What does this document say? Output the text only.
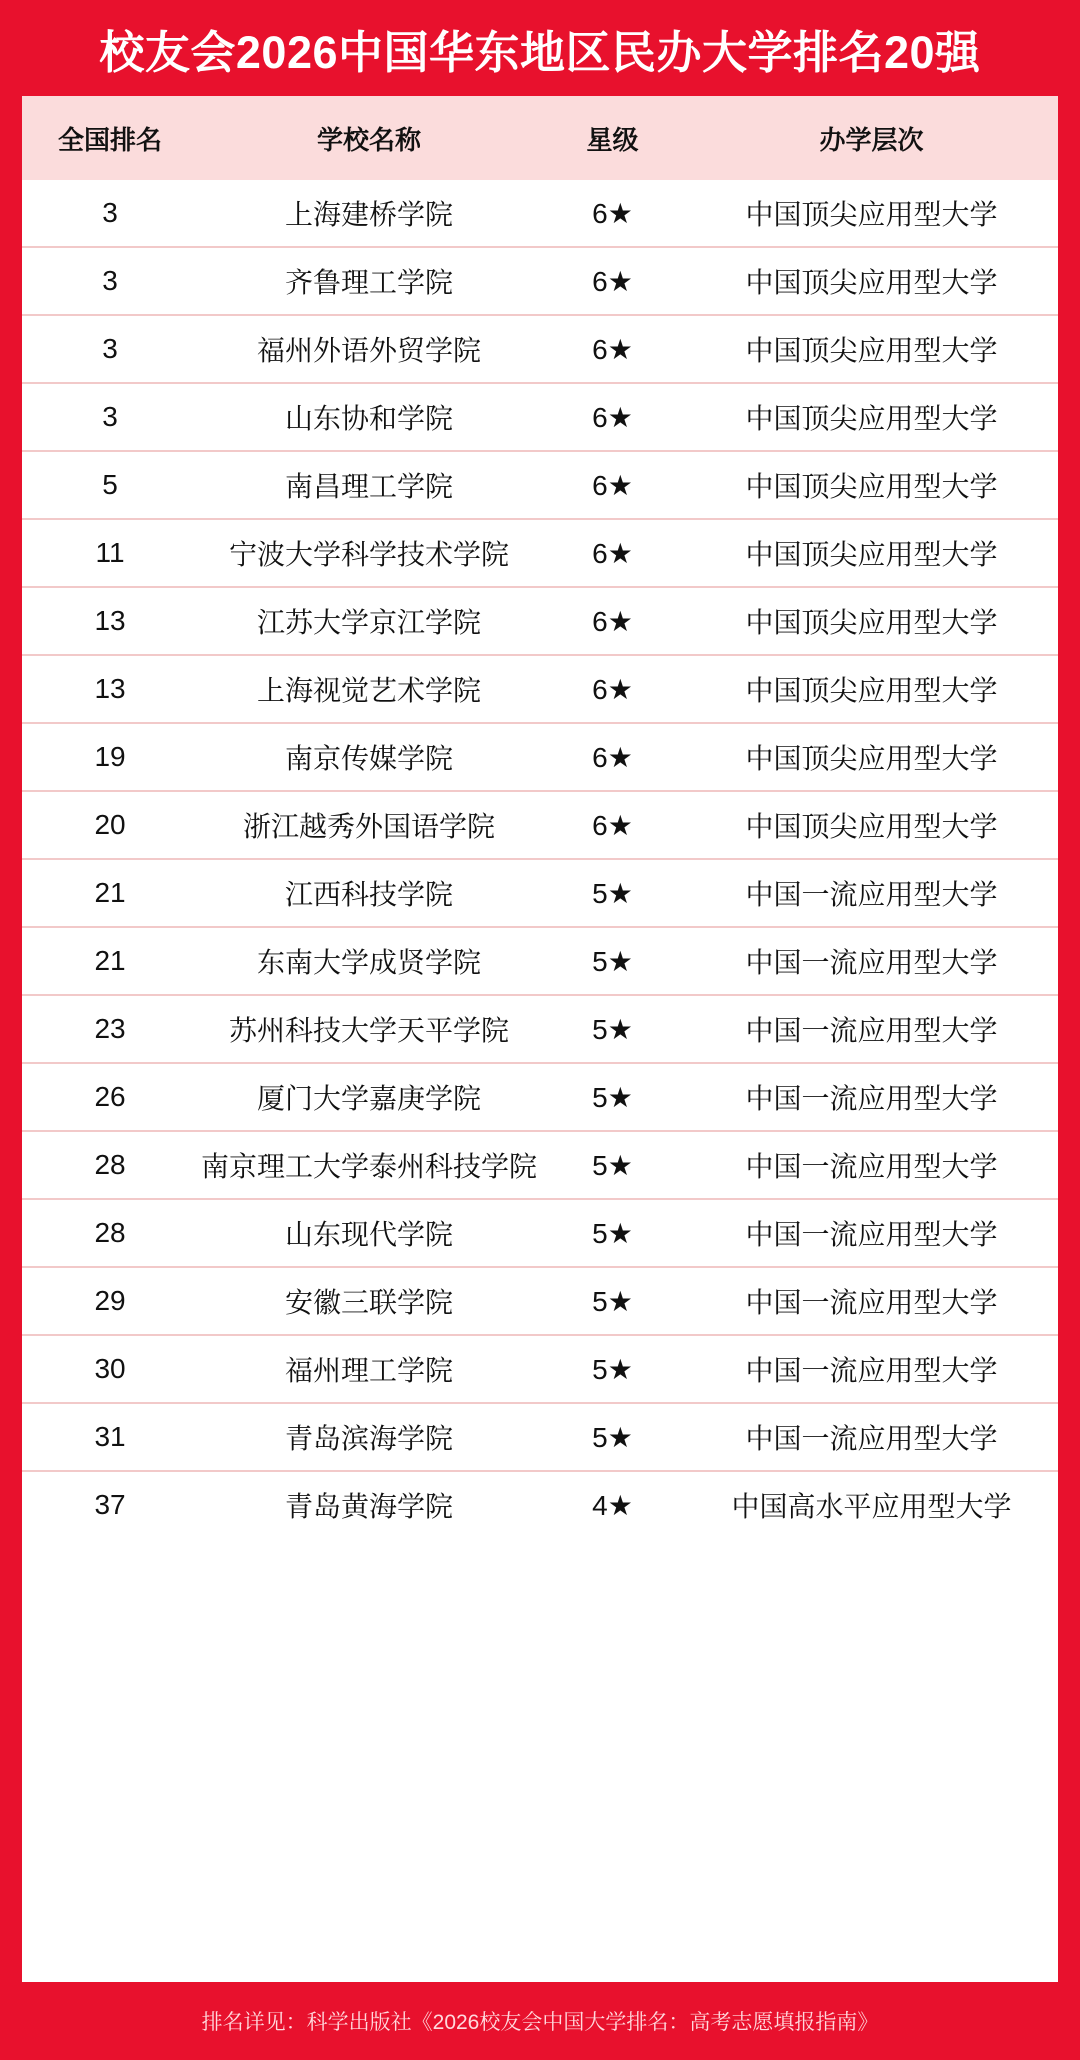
校友会2026中国华东地区民办大学排名20强
全国排名	学校名称	星级	办学层次
3	上海建桥学院	6★	中国顶尖应用型大学
3	齐鲁理工学院	6★	中国顶尖应用型大学
3	福州外语外贸学院	6★	中国顶尖应用型大学
3	山东协和学院	6★	中国顶尖应用型大学
5	南昌理工学院	6★	中国顶尖应用型大学
11	宁波大学科学技术学院	6★	中国顶尖应用型大学
13	江苏大学京江学院	6★	中国顶尖应用型大学
13	上海视觉艺术学院	6★	中国顶尖应用型大学
19	南京传媒学院	6★	中国顶尖应用型大学
20	浙江越秀外国语学院	6★	中国顶尖应用型大学
21	江西科技学院	5★	中国一流应用型大学
21	东南大学成贤学院	5★	中国一流应用型大学
23	苏州科技大学天平学院	5★	中国一流应用型大学
26	厦门大学嘉庚学院	5★	中国一流应用型大学
28	南京理工大学泰州科技学院	5★	中国一流应用型大学
28	山东现代学院	5★	中国一流应用型大学
29	安徽三联学院	5★	中国一流应用型大学
30	福州理工学院	5★	中国一流应用型大学
31	青岛滨海学院	5★	中国一流应用型大学
37	青岛黄海学院	4★	中国高水平应用型大学
排名详见：科学出版社《2026校友会中国大学排名：高考志愿填报指南》
